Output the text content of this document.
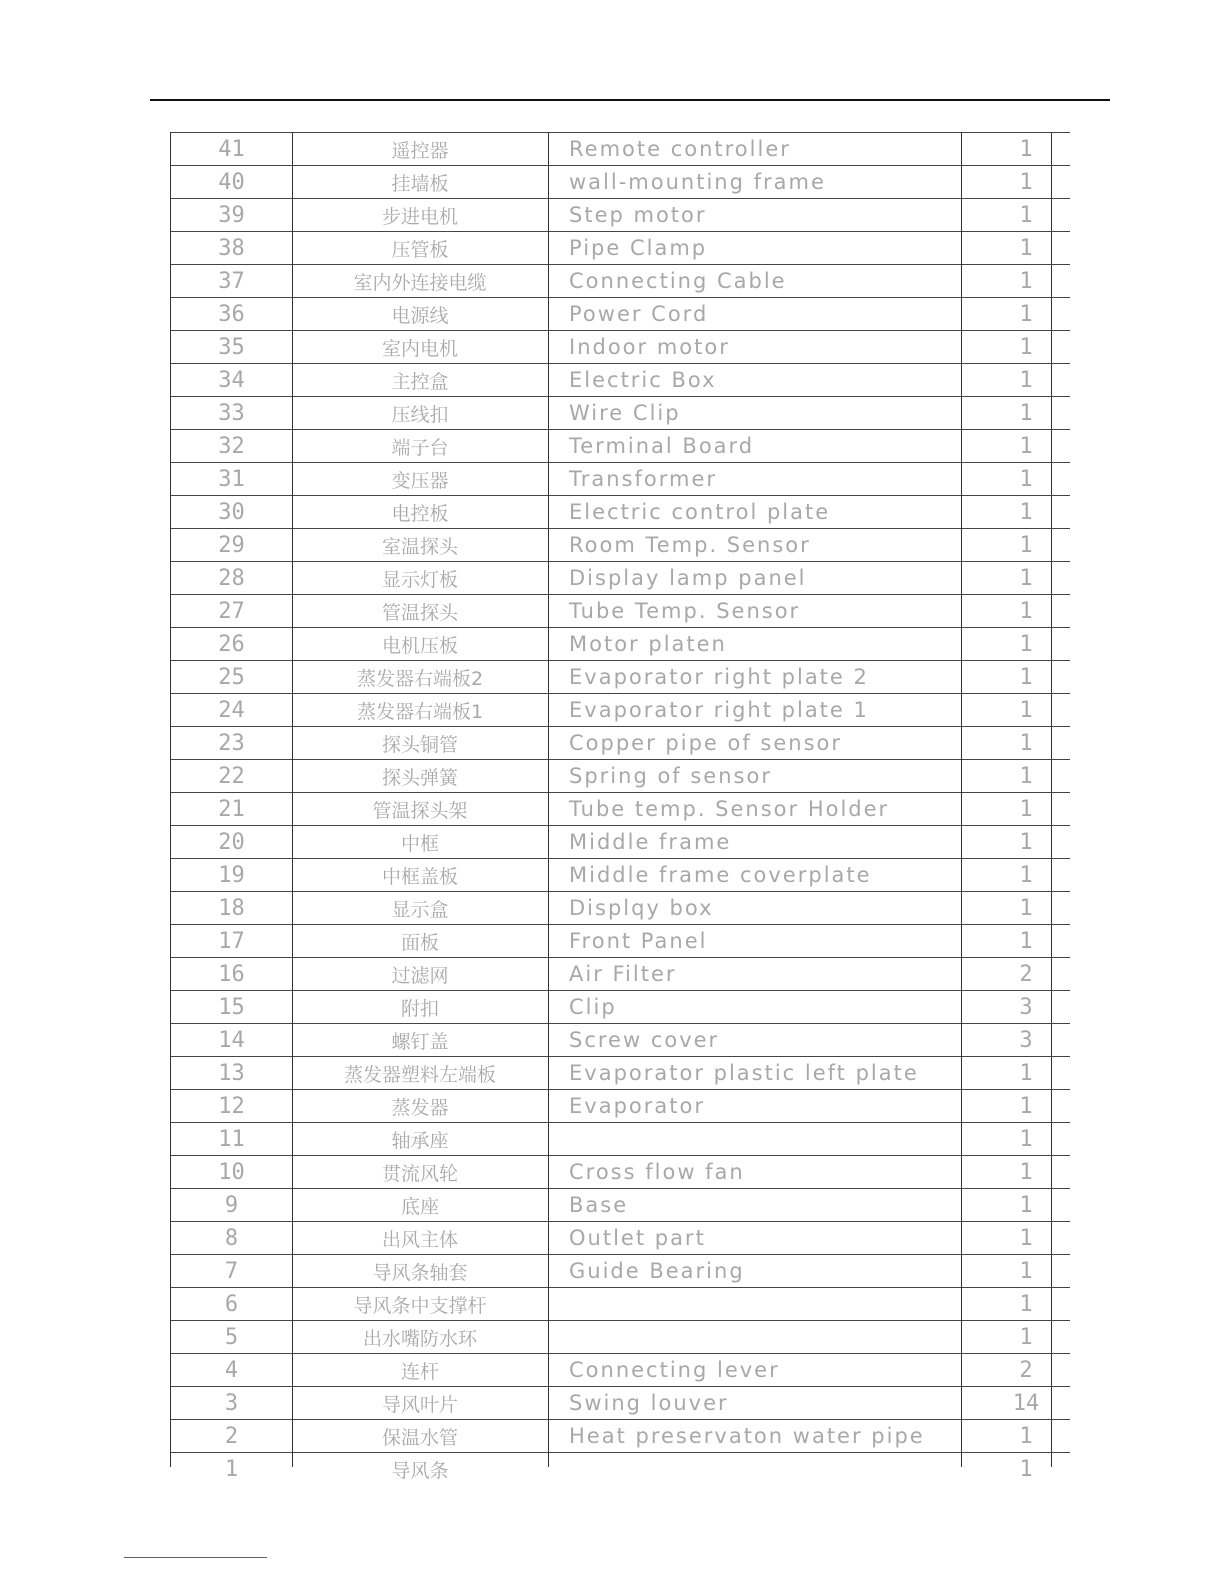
41	遥控器	Remote controller	1
40	挂墙板	wall-mounting frame	1
39	步进电机	Step motor	1
38	压管板	Pipe Clamp	1
37	室内外连接电缆	Connecting Cable	1
36	电源线	Power Cord	1
35	室内电机	Indoor motor	1
34	主控盒	Electric Box	1
33	压线扣	Wire Clip	1
32	端子台	Terminal Board	1
31	变压器	Transformer	1
30	电控板	Electric control plate	1
29	室温探头	Room Temp. Sensor	1
28	显示灯板	Display lamp panel	1
27	管温探头	Tube Temp. Sensor	1
26	电机压板	Motor platen	1
25	蒸发器右端板2	Evaporator right plate 2	1
24	蒸发器右端板1	Evaporator right plate 1	1
23	探头铜管	Copper pipe of sensor	1
22	探头弹簧	Spring of sensor	1
21	管温探头架	Tube temp. Sensor Holder	1
20	中框	Middle frame	1
19	中框盖板	Middle frame coverplate	1
18	显示盒	Displqy box	1
17	面板	Front Panel	1
16	过滤网	Air Filter	2
15	附扣	Clip	3
14	螺钉盖	Screw cover	3
13	蒸发器塑料左端板	Evaporator plastic left plate	1
12	蒸发器	Evaporator	1
11	轴承座		1
10	贯流风轮	Cross flow fan	1
9	底座	Base	1
8	出风主体	Outlet part	1
7	导风条轴套	Guide Bearing	1
6	导风条中支撑杆		1
5	出水嘴防水环		1
4	连杆	Connecting lever	2
3	导风叶片	Swing louver	14
2	保温水管	Heat preservaton water pipe	1
1	导风条		1
